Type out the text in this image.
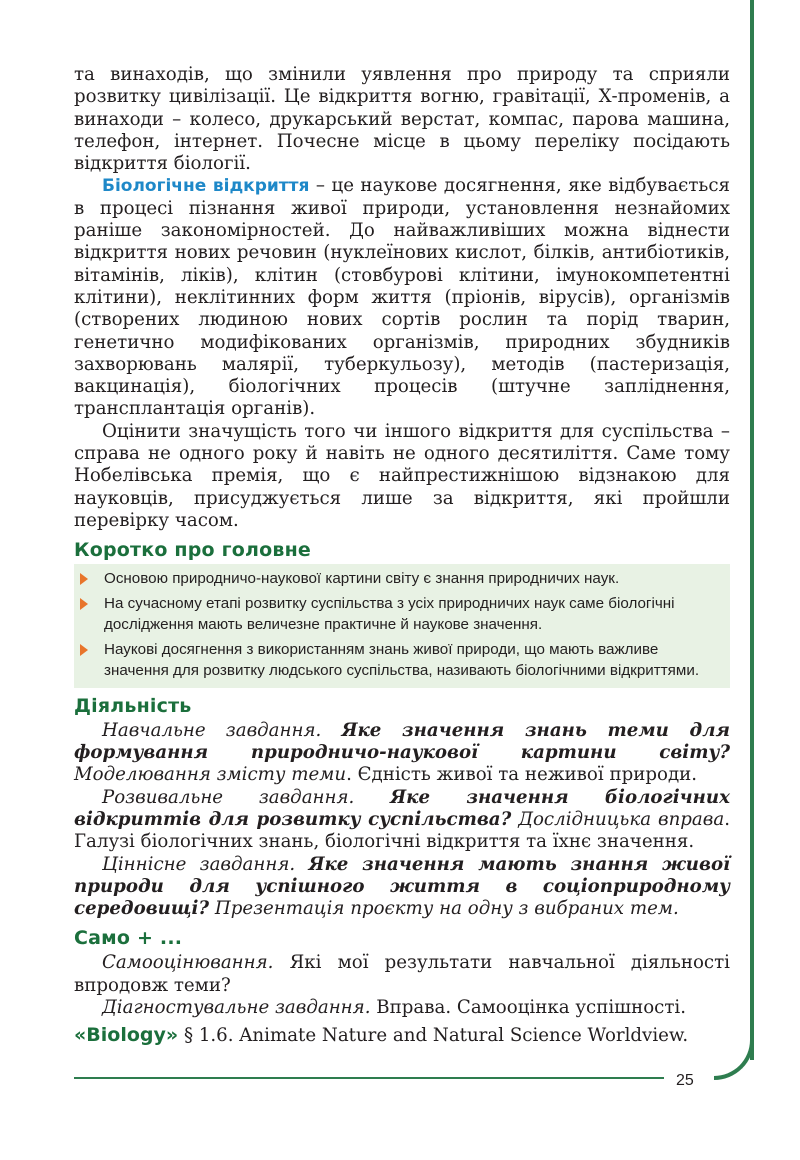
та винаходів, що змінили уявлення про природу та сприяли розвитку цивілізації. Це відкриття вогню, гравітації, Х-променів, а винаходи – колесо, друкарський верстат, компас, парова машина, телефон, інтернет. Почесне місце в цьому переліку посідають відкриття біології.

Біологічне відкриття – це наукове досягнення, яке відбувається в процесі пізнання живої природи, установлення незнайомих раніше закономірностей. До найважливіших можна віднести відкриття нових речовин (нуклеїнових кислот, білків, антибіотиків, вітамінів, ліків), клітин (стовбурові клітини, імунокомпетентні клітини), неклітинних форм життя (пріонів, вірусів), організмів (створених людиною нових сортів рослин та порід тварин, генетично модифікованих організмів, природних збудників захворювань малярії, туберкульозу), методів (пастеризація, вакцинація), біологічних процесів (штучне запліднення, трансплантація органів).

Оцінити значущість того чи іншого відкриття для суспільства – справа не одного року й навіть не одного десятиліття. Саме тому Нобелівська премія, що є найпрестижнішою відзнакою для науковців, присуджується лише за відкриття, які пройшли перевірку часом.

Коротко про головне
Основою природничо-наукової картини світу є знання природничих наук.
На сучасному етапі розвитку суспільства з усіх природничих наук саме біологічні дослідження мають величезне практичне й наукове значення.
Наукові досягнення з використанням знань живої природи, що мають важливе значення для розвитку людського суспільства, називають біологічними відкриттями.
Діяльність

Навчальне завдання. Яке значення знань теми для формування природничо-наукової картини світу? Моделювання змісту теми. Єдність живої та неживої природи.

Розвивальне завдання. Яке значення біологічних відкриттів для розвитку суспільства? Дослідницька вправа. Галузі біологічних знань, біологічні відкриття та їхнє значення.

Ціннісне завдання. Яке значення мають знання живої природи для успішного життя в соціоприродному середовищі? Презентація проєкту на одну з вибраних тем.

Само + ...

Самооцінювання. Які мої результати навчальної діяльності впродовж теми?

Діагностувальне завдання. Вправа. Самооцінка успішності.

«Biology» § 1.6. Animate Nature and Natural Science Worldview.

25
